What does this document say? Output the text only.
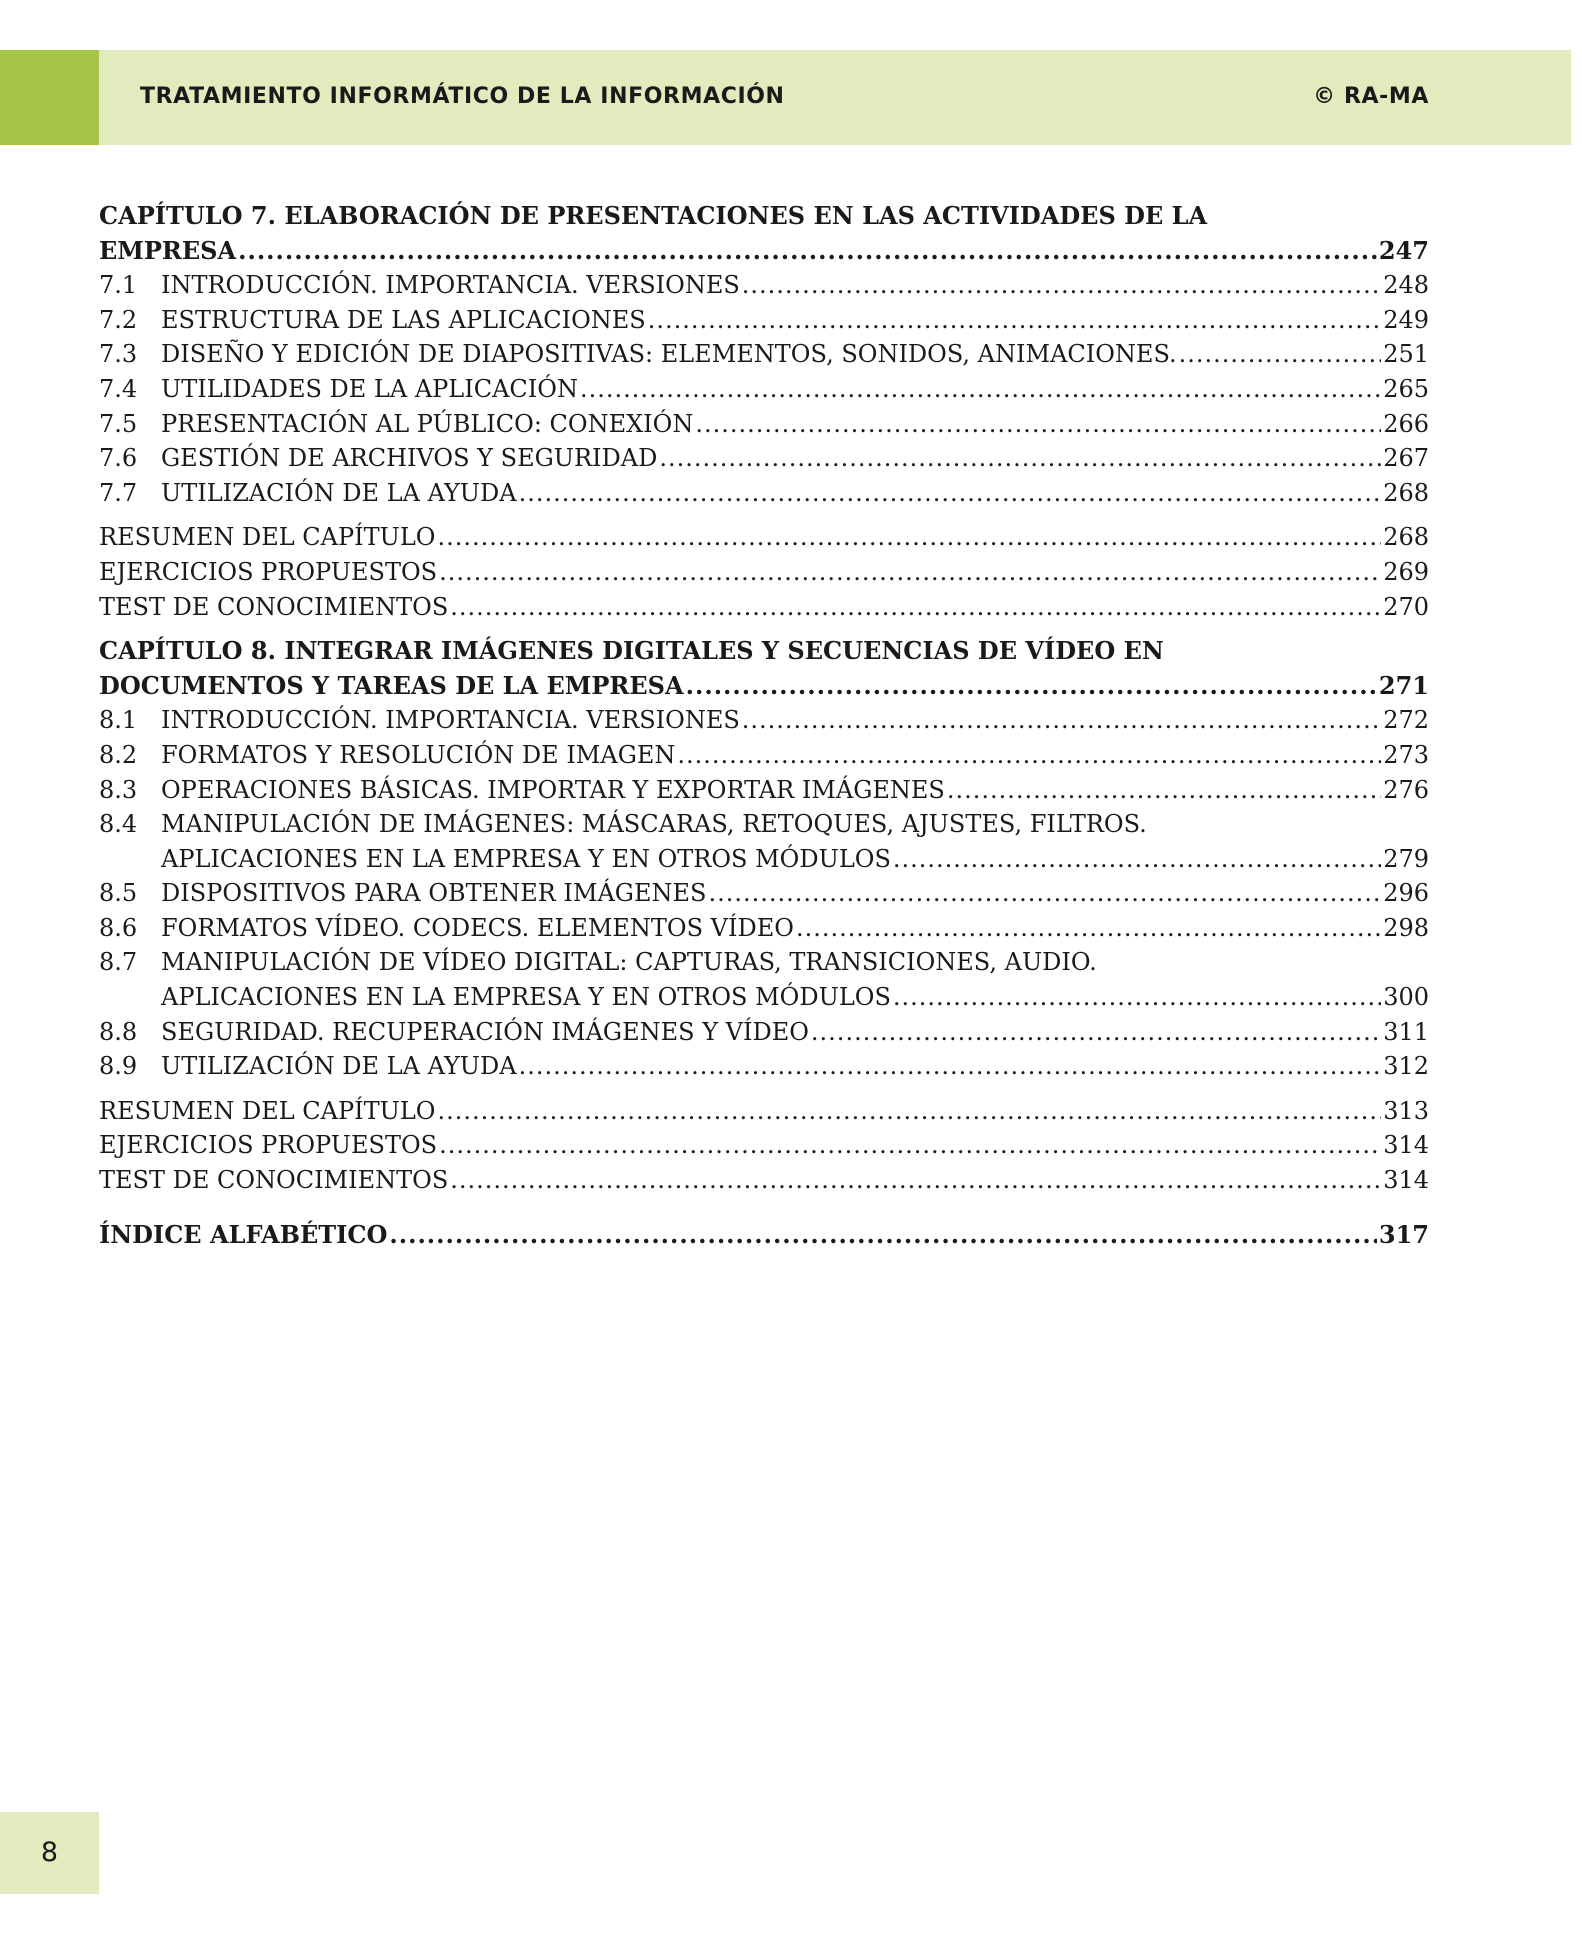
TRATAMIENTO INFORMÁTICO DE LA INFORMACIÓN	© RA-MA
CAPÍTULO 7. ELABORACIÓN DE PRESENTACIONES EN LAS ACTIVIDADES DE LA
EMPRESA .....	247
7.1 INTRODUCCIÓN. IMPORTANCIA. VERSIONES .....	248
7.2 ESTRUCTURA DE LAS APLICACIONES .....	249
7.3 DISEÑO Y EDICIÓN DE DIAPOSITIVAS: ELEMENTOS, SONIDOS, ANIMACIONES. .....	251
7.4 UTILIDADES DE LA APLICACIÓN .....	265
7.5 PRESENTACIÓN AL PÚBLICO: CONEXIÓN .....	266
7.6 GESTIÓN DE ARCHIVOS Y SEGURIDAD .....	267
7.7 UTILIZACIÓN DE LA AYUDA .....	268
RESUMEN DEL CAPÍTULO .....	268
EJERCICIOS PROPUESTOS .....	269
TEST DE CONOCIMIENTOS .....	270
CAPÍTULO 8. INTEGRAR IMÁGENES DIGITALES Y SECUENCIAS DE VÍDEO EN
DOCUMENTOS Y TAREAS DE LA EMPRESA .....	271
8.1 INTRODUCCIÓN. IMPORTANCIA. VERSIONES .....	272
8.2 FORMATOS Y RESOLUCIÓN DE IMAGEN .....	273
8.3 OPERACIONES BÁSICAS. IMPORTAR Y EXPORTAR IMÁGENES .....	276
8.4 MANIPULACIÓN DE IMÁGENES: MÁSCARAS, RETOQUES, AJUSTES, FILTROS.
APLICACIONES EN LA EMPRESA Y EN OTROS MÓDULOS .....	279
8.5 DISPOSITIVOS PARA OBTENER IMÁGENES .....	296
8.6 FORMATOS VÍDEO. CODECS. ELEMENTOS VÍDEO .....	298
8.7 MANIPULACIÓN DE VÍDEO DIGITAL: CAPTURAS, TRANSICIONES, AUDIO.
APLICACIONES EN LA EMPRESA Y EN OTROS MÓDULOS .....	300
8.8 SEGURIDAD. RECUPERACIÓN IMÁGENES Y VÍDEO .....	311
8.9 UTILIZACIÓN DE LA AYUDA .....	312
RESUMEN DEL CAPÍTULO .....	313
EJERCICIOS PROPUESTOS .....	314
TEST DE CONOCIMIENTOS .....	314
ÍNDICE ALFABÉTICO .....	317
8
